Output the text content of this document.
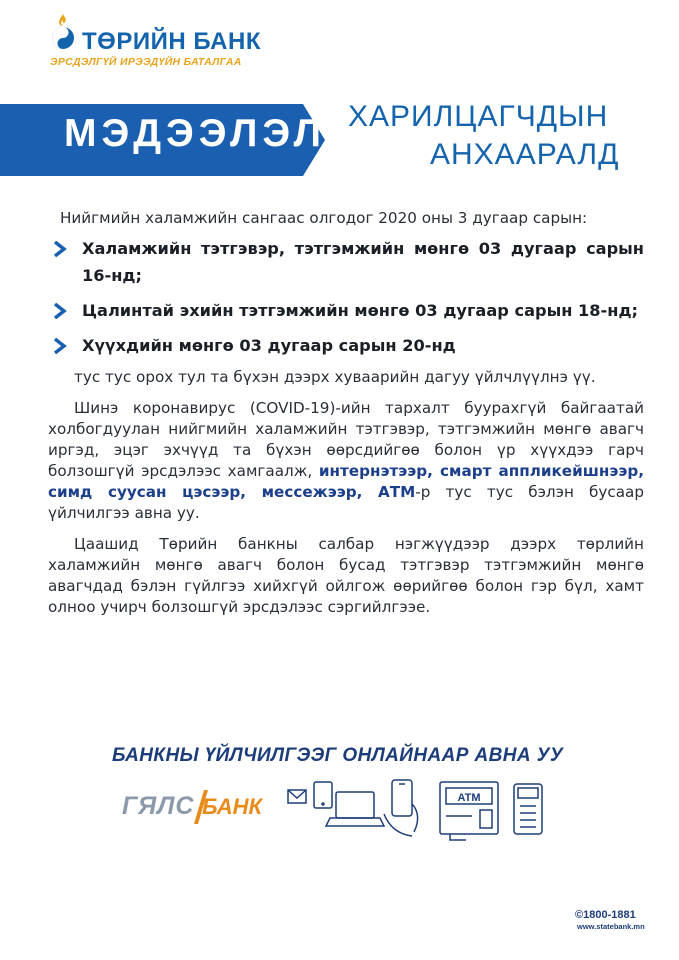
ТӨРИЙН БАНК
ЭРСДЭЛГҮЙ ИРЭЭДҮЙН БАТАЛГАА
МЭДЭЭЛЭЛ ХАРИЛЦАГЧДЫН
АНХААРАЛД

Нийгмийн халамжийн сангаас олгодог 2020 оны 3 дугаар сарын:

Халамжийн тэтгэвэр, тэтгэмжийн мөнгө 03 дугаар сарын 16-нд;
Цалинтай эхийн тэтгэмжийн мөнгө 03 дугаар сарын 18-нд;
Хүүхдийн мөнгө 03 дугаар сарын 20-нд

тус тус орох тул та бүхэн дээрх хуваарийн дагуу үйлчлүүлнэ үү.

Шинэ коронавирус (COVID-19)-ийн тархалт буурахгүй байгаатай холбогдуулан нийгмийн халамжийн тэтгэвэр, тэтгэмжийн мөнгө авагч иргэд, эцэг эхчүүд та бүхэн өөрсдийгөө болон үр хүүхдээ гарч болзошгүй эрсдэлээс хамгаалж, интернэтээр, смарт аппликейшнээр, симд суусан цэсээр, мессежээр, АТМ-р тус тус бэлэн бусаар үйлчилгээ авна уу.

Цаашид Төрийн банкны салбар нэгжүүдээр дээрх төрлийн халамжийн мөнгө авагч болон бусад тэтгэвэр тэтгэмжийн мөнгө авагчдад бэлэн гүйлгээ хийхгүй ойлгож өөрийгөө болон гэр бүл, хамт олноо учирч болзошгүй эрсдэлээс сэргийлгээе.

БАНКНЫ ҮЙЛЧИЛГЭЭГ ОНЛАЙНААР АВНА УУ
ГЯЛС БАНК	ATM
©1800-1881
www.statebank.mn
